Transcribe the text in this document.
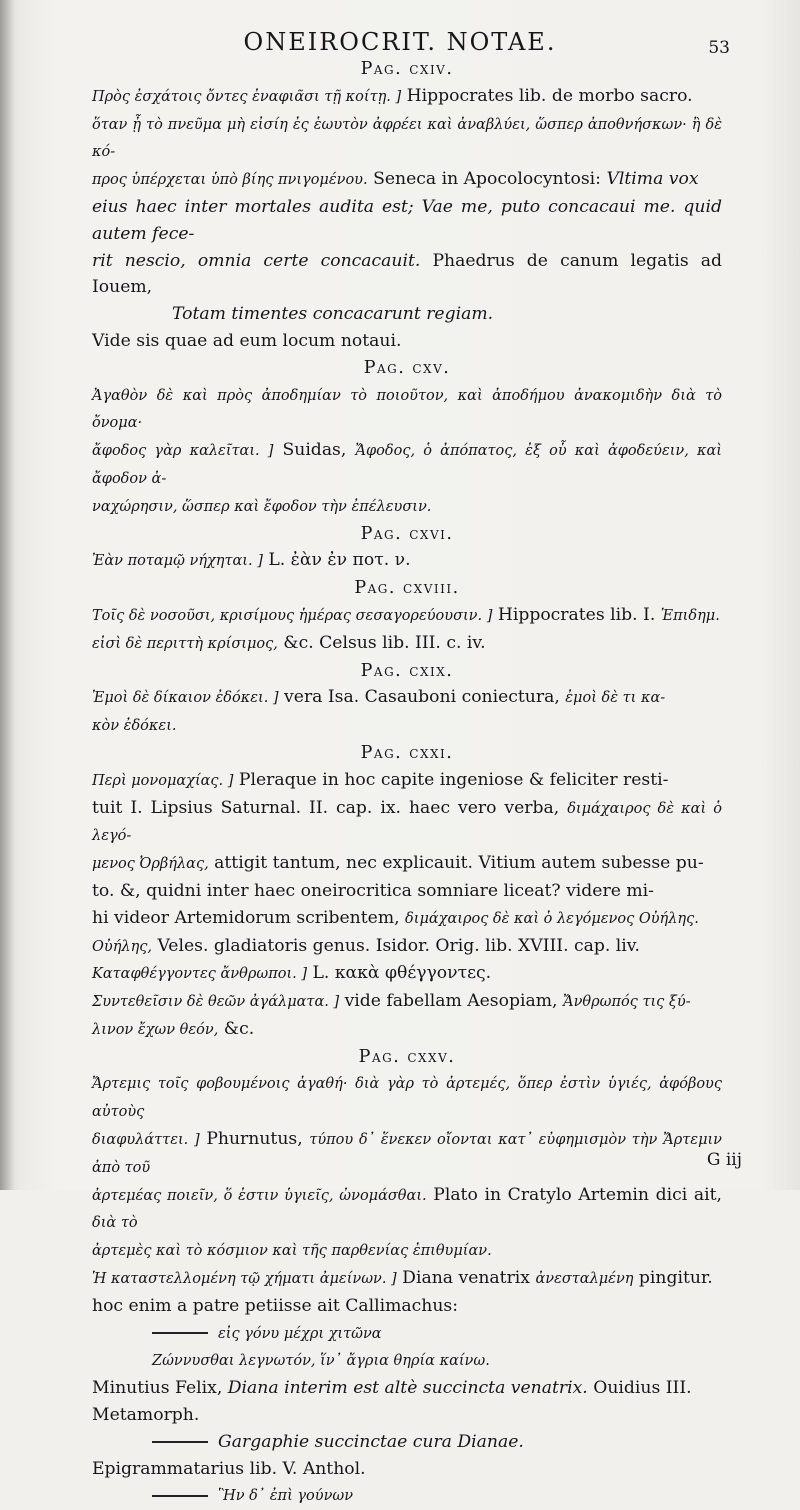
ONEIROCRIT. NOTAE.	53
Pag. cxiv.
Πρὸς ἐσχάτοις ὄντες ἐναφιᾶσι τῇ κοίτῃ. ] Hippocrates lib. de morbo sacro.
ὅταν ᾖ τὸ πνεῦμα μὴ εἰσίη ἐς ἑωυτὸν ἀφρέει καὶ ἀναβλύει, ὥσπερ ἀποθνήσκων· ἢ δὲ κό-
προς ὑπέρχεται ὑπὸ βίης πνιγομένου. Seneca in Apocolocyntosi: Vltima vox
eius haec inter mortales audita est; Vae me, puto concacaui me. quid autem fece-
rit nescio, omnia certe concacauit. Phaedrus de canum legatis ad Iouem,
Totam timentes concacarunt regiam.
Vide sis quae ad eum locum notaui.
Pag. cxv.
Ἀγαθὸν δὲ καὶ πρὸς ἀποδημίαν τὸ ποιοῦτον, καὶ ἀποδήμου ἀνακομιδὴν διὰ τὸ ὄνομα·
ἄφοδος γὰρ καλεῖται. ] Suidas, Ἄφοδος, ὁ ἀπόπατος, ἐξ οὗ καὶ ἀφοδεύειν, καὶ ἄφοδον ἀ-
ναχώρησιν, ὥσπερ καὶ ἔφοδον τὴν ἐπέλευσιν.
Pag. cxvi.
Ἐὰν ποταμῷ νήχηται. ] L. ἐὰν ἐν ποτ. ν.
Pag. cxviii.
Τοῖς δὲ νοσοῦσι, κρισίμους ἡμέρας σεσαγορεύουσιν. ] Hippocrates lib. I. Ἐπιδημ.
εἰσὶ δὲ περιττὴ κρίσιμος, &c. Celsus lib. III. c. iv.
Pag. cxix.
Ἐμοὶ δὲ δίκαιον ἐδόκει. ] vera Isa. Casauboni coniectura, ἐμοὶ δὲ τι κα-
κὸν ἐδόκει.
Pag. cxxi.
Περὶ μονομαχίας. ] Pleraque in hoc capite ingeniose & feliciter resti-
tuit I. Lipsius Saturnal. II. cap. ix. haec vero verba, διμάχαιρος δὲ καὶ ὁ λεγό-
μενος Ὀρβήλας, attigit tantum, nec explicauit. Vitium autem subesse pu-
to. &, quidni inter haec oneirocritica somniare liceat? videre mi-
hi videor Artemidorum scribentem, διμάχαιρος δὲ καὶ ὁ λεγόμενος Οὐήλης.
Οὐήλης, Veles. gladiatoris genus. Isidor. Orig. lib. XVIII. cap. liv.
Καταφθέγγοντες ἄνθρωποι. ] L. κακὰ φθέγγοντες.
Συντεθεῖσιν δὲ θεῶν ἀγάλματα. ] vide fabellam Aesopiam, Ἄνθρωπός τις ξύ-
λινον ἔχων θεόν, &c.
Pag. cxxv.
Ἄρτεμις τοῖς φοβουμένοις ἀγαθή· διὰ γὰρ τὸ ἀρτεμές, ὅπερ ἐστὶν ὑγιές, ἀφόβους αὐτοὺς
διαφυλάττει. ] Phurnutus, τύπου δ᾽ ἕνεκεν οἴονται κατ᾽ εὐφημισμὸν τὴν Ἄρτεμιν ἀπὸ τοῦ
ἀρτεμέας ποιεῖν, ὅ ἐστιν ὑγιεῖς, ὠνομάσθαι. Plato in Cratylo Artemin dici ait, διὰ τὸ
ἀρτεμὲς καὶ τὸ κόσμιον καὶ τῆς παρθενίας ἐπιθυμίαν.
Ἡ καταστελλομένη τῷ χήματι ἀμείνων. ] Diana venatrix ἀνεσταλμένη pingitur.
hoc enim a patre petiisse ait Callimachus:
εἰς γόνυ μέχρι χιτῶνα
Ζώννυσθαι λεγνωτόν, ἵν᾽ ἄγρια θηρία καίνω.
Minutius Felix, Diana interim est altè succincta venatrix. Ouidius III.
Metamorph.
Gargaphie succinctae cura Dianae.
Epigrammatarius lib. V. Anthol.
Ἣν δ᾽ ἐπὶ γούνων
G iij
